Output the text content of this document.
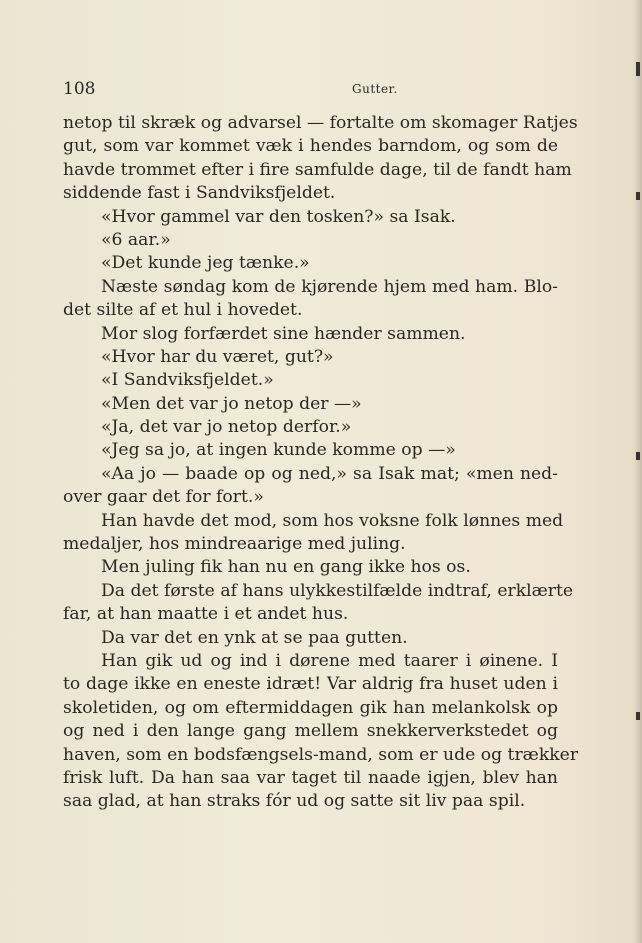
108	Gutter.
netop til skræk og advarsel — fortalte om skomager Ratjes
gut, som var kommet væk i hendes barndom, og som de
havde trommet efter i fire samfulde dage, til de fandt ham
siddende fast i Sandviksfjeldet.
«Hvor gammel var den tosken?» sa Isak.
«6 aar.»
«Det kunde jeg tænke.»
Næste søndag kom de kjørende hjem med ham. Blo-
det silte af et hul i hovedet.
Mor slog forfærdet sine hænder sammen.
«Hvor har du været, gut?»
«I Sandviksfjeldet.»
«Men det var jo netop der —»
«Ja, det var jo netop derfor.»
«Jeg sa jo, at ingen kunde komme op —»
«Aa jo — baade op og ned,» sa Isak mat; «men ned-
over gaar det for fort.»
Han havde det mod, som hos voksne folk lønnes med
medaljer, hos mindreaarige med juling.
Men juling fik han nu en gang ikke hos os.
Da det første af hans ulykkestilfælde indtraf, erklærte
far, at han maatte i et andet hus.
Da var det en ynk at se paa gutten.
Han gik ud og ind i dørene med taarer i øinene. I
to dage ikke en eneste idræt! Var aldrig fra huset uden i
skoletiden, og om eftermiddagen gik han melankolsk op
og ned i den lange gang mellem snekkerverkstedet og
haven, som en bodsfængsels-mand, som er ude og trækker
frisk luft. Da han saa var taget til naade igjen, blev han
saa glad, at han straks fór ud og satte sit liv paa spil.
